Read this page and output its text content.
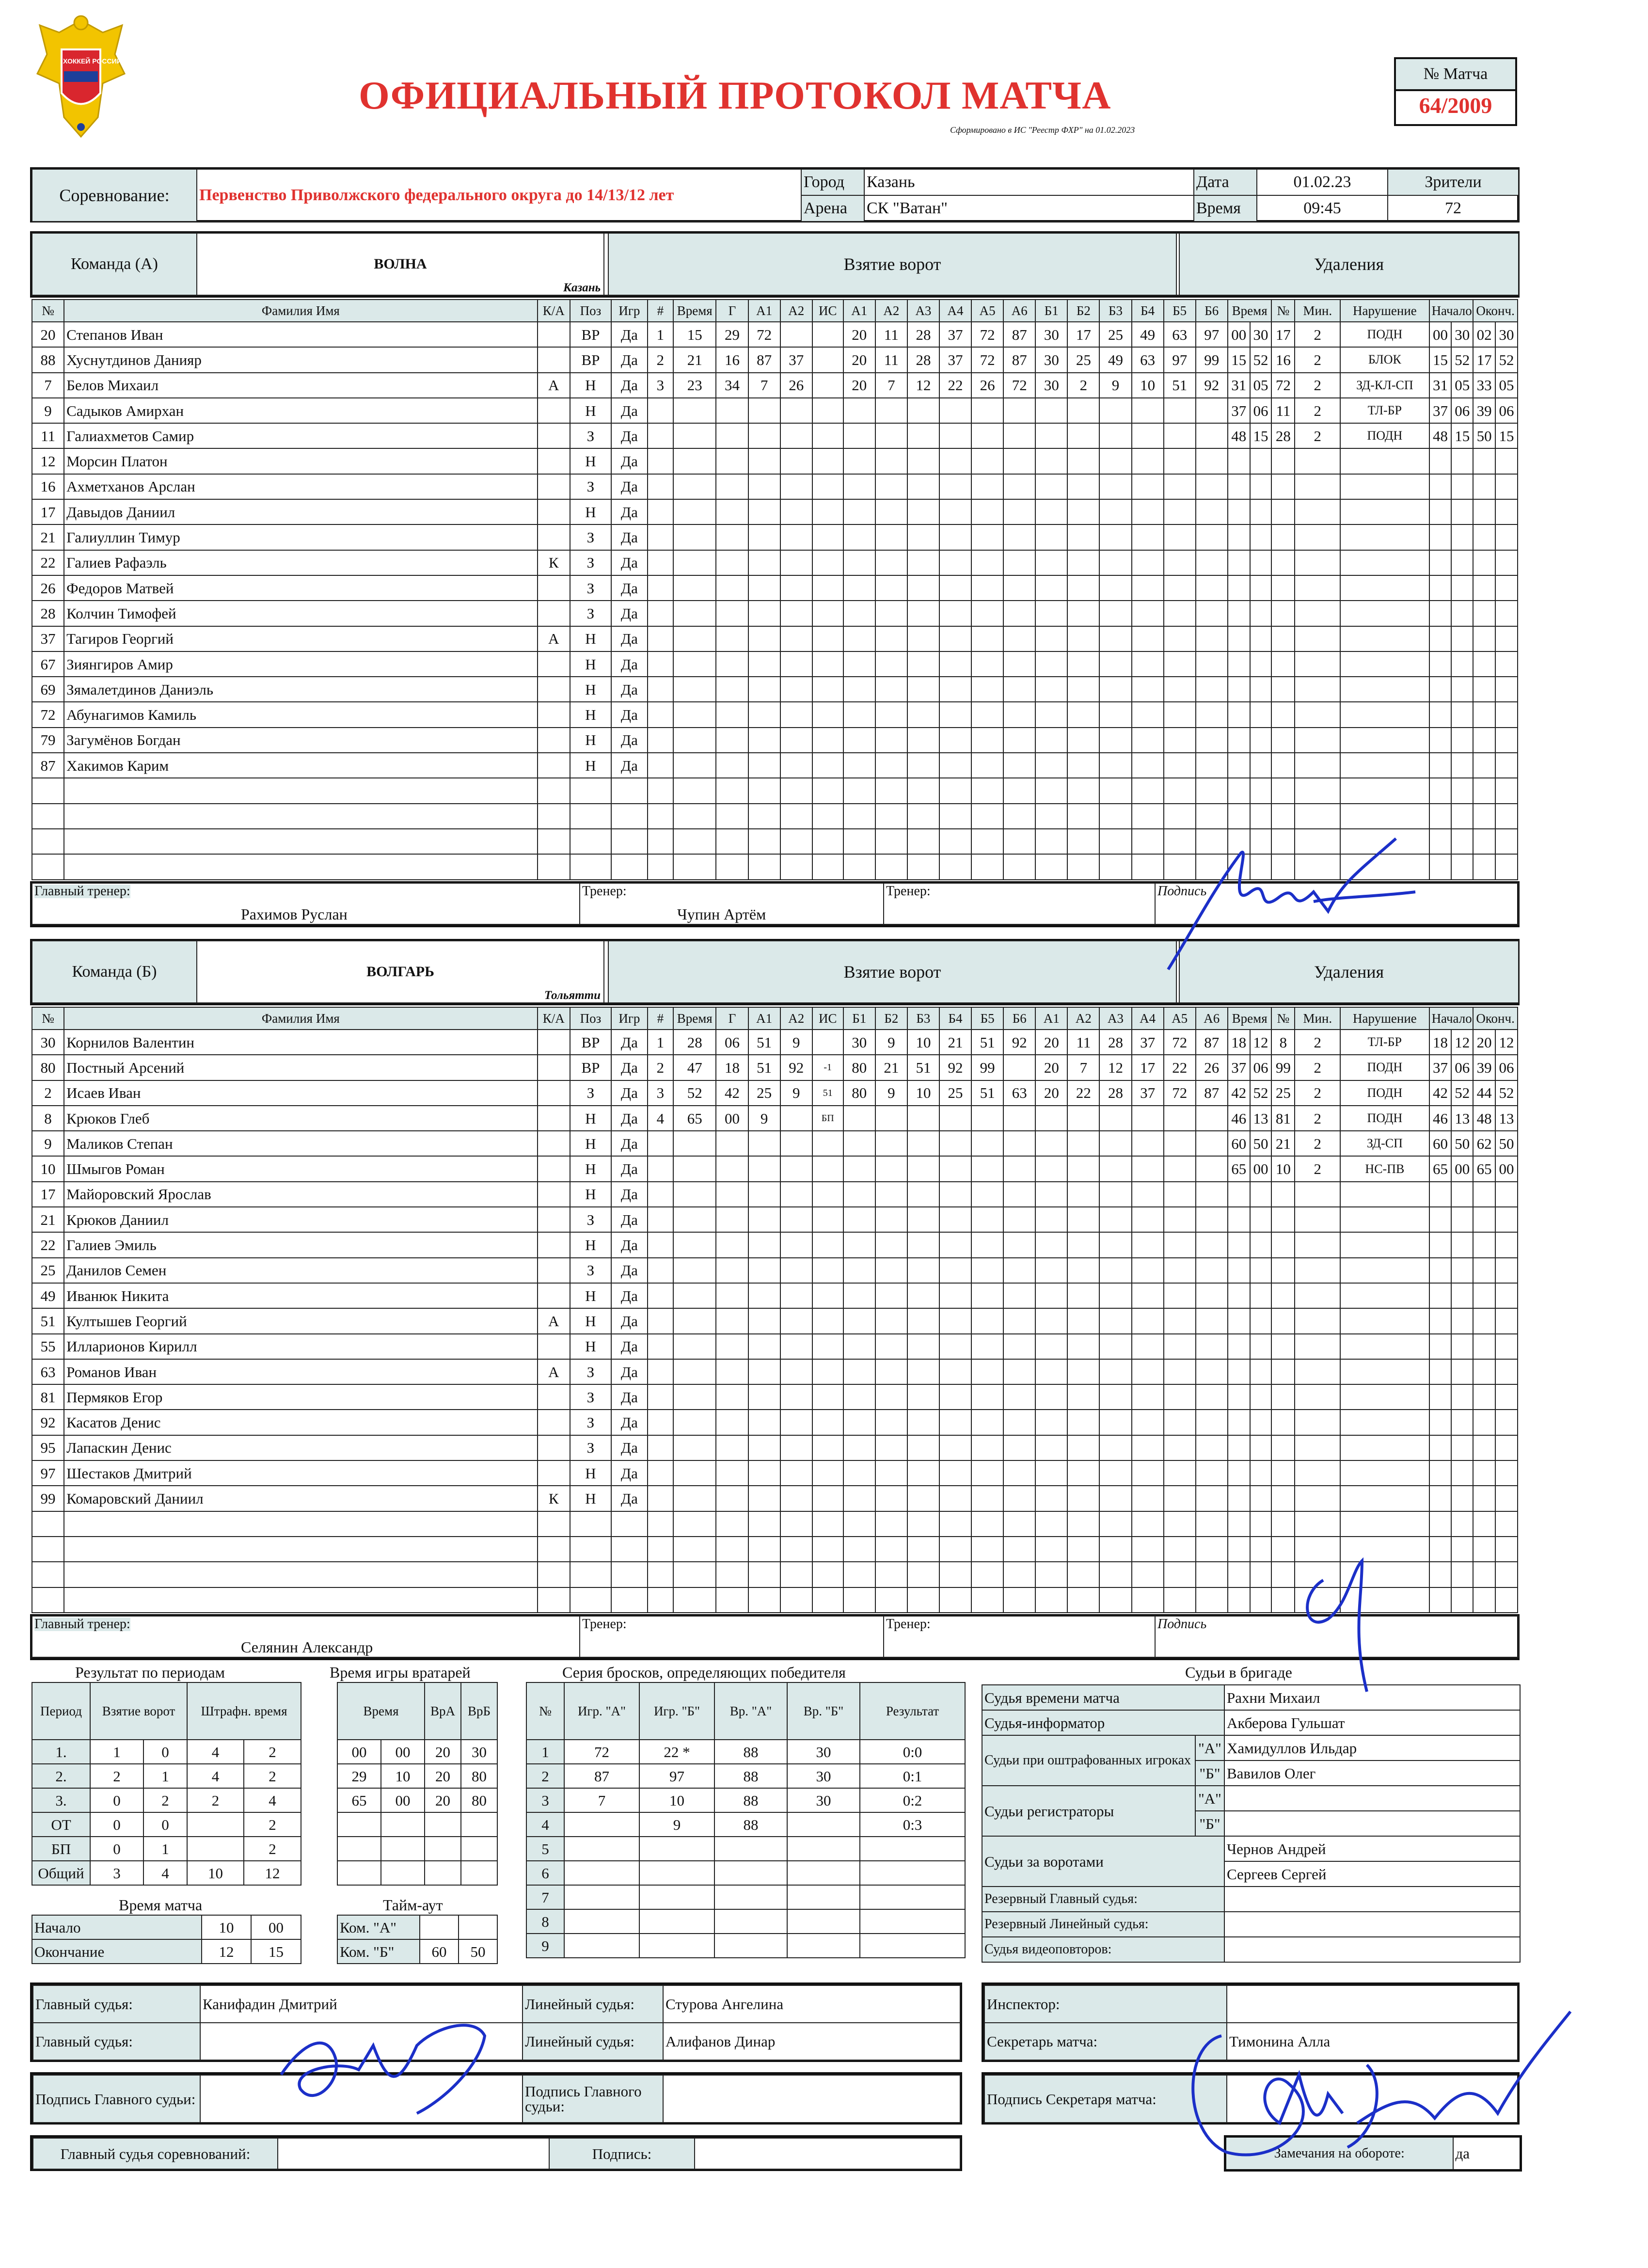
ХОККЕЙ РОССИИ
ОФИЦИАЛЬНЫЙ ПРОТОКОЛ МАТЧА
Сформировано в ИС "Реестр ФХР" на 01.02.2023
№ Матча
64/2009
Соревнование:	Первенство Приволжского федерального округа до 14/13/12 лет	Город	Казань	Дата	01.02.23	Зрители
		Арена	СК "Ватан"	Время	09:45	72
Команда (А)	ВОЛНА
Казань
		Взятие ворот		Удаления
№	Фамилия Имя	К/А	Поз	Игр	#	Время	Г	А1	А2	ИС	А1	А2	А3	А4	А5	А6	Б1	Б2	Б3	Б4	Б5	Б6	Время		№	Мин.	Нарушение	Начало		Оконч.	
20	Степанов Иван		ВР	Да	1	15	29	72			20	11	28	37	72	87	30	17	25	49	63	97	00	30	17	2	ПОДН	00	30	02	30
88	Хуснутдинов Данияр		ВР	Да	2	21	16	87	37		20	11	28	37	72	87	30	25	49	63	97	99	15	52	16	2	БЛОК	15	52	17	52
7	Белов Михаил	А	Н	Да	3	23	34	7	26		20	7	12	22	26	72	30	2	9	10	51	92	31	05	72	2	ЗД-КЛ-СП	31	05	33	05
9	Садыков Амирхан		Н	Да																			37	06	11	2	ТЛ-БР	37	06	39	06
11	Галиахметов Самир		З	Да																			48	15	28	2	ПОДН	48	15	50	15
12	Морсин Платон		Н	Да																											
16	Ахметханов Арслан		З	Да																											
17	Давыдов Даниил		Н	Да																											
21	Галиуллин Тимур		З	Да																											
22	Галиев Рафаэль	К	З	Да																											
26	Федоров Матвей		З	Да																											
28	Колчин Тимофей		З	Да																											
37	Тагиров Георгий	А	Н	Да																											
67	Зиянгиров Амир		Н	Да																											
69	Зямалетдинов Даниэль		Н	Да																											
72	Абунагимов Камиль		Н	Да																											
79	Загумёнов Богдан		Н	Да																											
87	Хакимов Карим		Н	Да																											

Главный тренер:
Рахимов Руслан

Тренер:
Чупин Артём

Тренер:	Подпись
Команда (Б)	ВОЛГАРЬ
Тольятти
		Взятие ворот		Удаления
№	Фамилия Имя	К/А	Поз	Игр	#	Время	Г	А1	А2	ИС	Б1	Б2	Б3	Б4	Б5	Б6	А1	А2	А3	А4	А5	А6	Время		№	Мин.	Нарушение	Начало		Оконч.	
30	Корнилов Валентин		ВР	Да	1	28	06	51	9		30	9	10	21	51	92	20	11	28	37	72	87	18	12	8	2	ТЛ-БР	18	12	20	12
80	Постный Арсений		ВР	Да	2	47	18	51	92	-1	80	21	51	92	99		20	7	12	17	22	26	37	06	99	2	ПОДН	37	06	39	06
2	Исаев Иван		З	Да	3	52	42	25	9	51	80	9	10	25	51	63	20	22	28	37	72	87	42	52	25	2	ПОДН	42	52	44	52
8	Крюков Глеб		Н	Да	4	65	00	9		БП													46	13	81	2	ПОДН	46	13	48	13
9	Маликов Степан		Н	Да																			60	50	21	2	ЗД-СП	60	50	62	50
10	Шмыгов Роман		Н	Да																			65	00	10	2	НС-ПВ	65	00	65	00
17	Майоровский Ярослав		Н	Да																											
21	Крюков Даниил		З	Да																											
22	Галиев Эмиль		Н	Да																											
25	Данилов Семен		З	Да																											
49	Иванюк Никита		Н	Да																											
51	Култышев Георгий	А	Н	Да																											
55	Илларионов Кирилл		Н	Да																											
63	Романов Иван	А	З	Да																											
81	Пермяков Егор		З	Да																											
92	Касатов Денис		З	Да																											
95	Лапаскин Денис		З	Да																											
97	Шестаков Дмитрий		Н	Да																											
99	Комаровский Даниил	К	Н	Да																											

Главный тренер:
Селянин Александр

Тренер:	Тренер:	Подпись
Результат по периодам
Период	Взятие ворот		Штрафн. время	
1.	1	0	4	2
2.	2	1	4	2
3.	0	2	2	4
ОТ	0	0		2
БП	0	1		2
Общий	3	4	10	12
Время матча
Начало	10	00
Окончание	12	15
Время игры вратарей
Время		ВрА	ВрБ
00	00	20	30
29	10	20	80
65	00	20	80

Тайм-аут
Ком. "А"		
Ком. "Б"	60	50
Серия бросков, определяющих победителя
№	Игр. "А"	Игр. "Б"	Вр. "А"	Вр. "Б"	Результат
1	72	22 *	88	30	0:0
2	87	97	88	30	0:1
3	7	10	88	30	0:2
4		9	88		0:3
5					
6					
7					
8					
9					
Судьи в бригаде
Судья времени матча		Рахни Михаил
Судья-информатор		Акберова Гульшат
Судьи при оштрафованных игроках	"А"	Хамидуллов Ильдар
	"Б"	Вавилов Олег
Судьи регистраторы	"А"	
	"Б"	
Судьи за воротами		Чернов Андрей
		Сергеев Сергей
Резервный Главный судья:		
Резервный Линейный судья:		
Судья видеоповторов:		
Главный судья:	Канифадин Дмитрий	Линейный судья:	Стурова Ангелина
Главный судья:		Линейный судья:	Алифанов Динар
Подпись Главного судьи:		Подпись Главного судьи:	
Инспектор:	
Секретарь матча:	Тимонина Алла
Подпись Секретаря матча:	
Главный судья соревнований:		Подпись:		Замечания на обороте:	да
